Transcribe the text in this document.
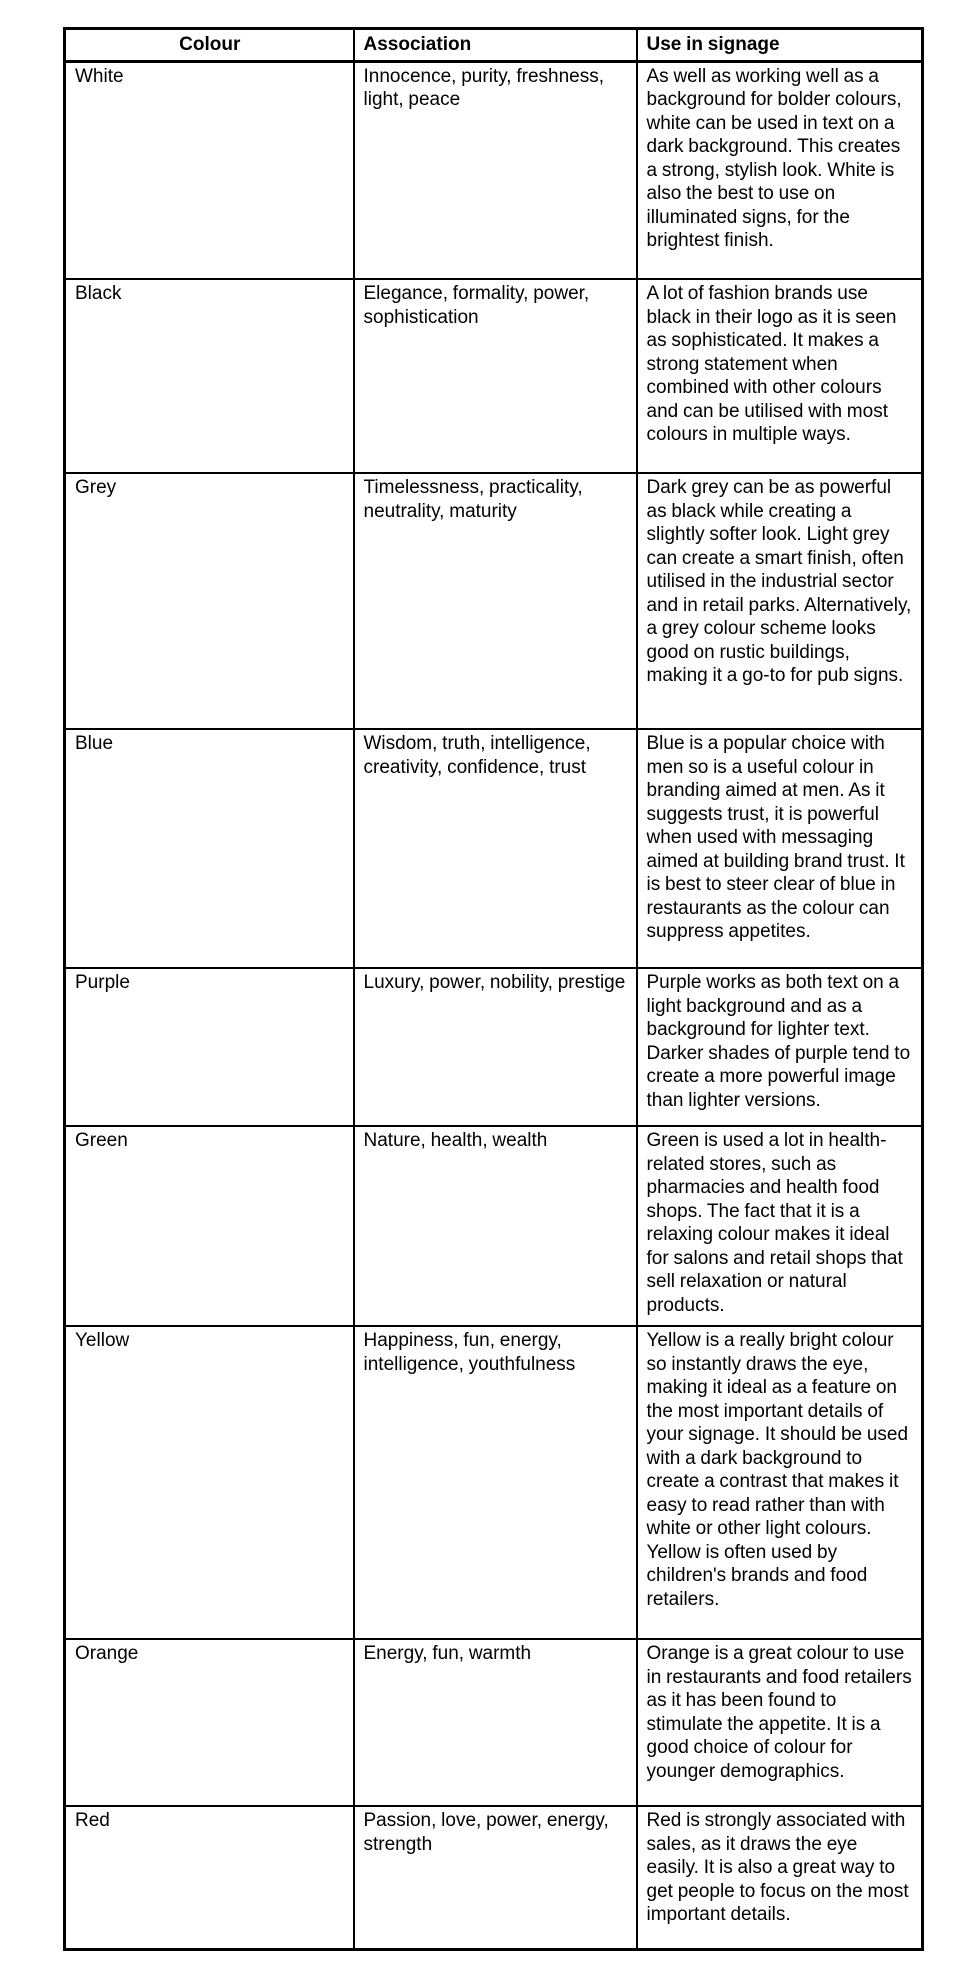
Colour	Association	Use in signage
White	Innocence, purity, freshness, light, peace	As well as working well as a background for bolder colours, white can be used in text on a dark background. This creates a strong, stylish look. White is also the best to use on illuminated signs, for the brightest finish.
Black	Elegance, formality, power, sophistication	A lot of fashion brands use black in their logo as it is seen as sophisticated. It makes a strong statement when combined with other colours and can be utilised with most colours in multiple ways.
Grey	Timelessness, practicality, neutrality, maturity	Dark grey can be as powerful as black while creating a slightly softer look. Light grey can create a smart finish, often utilised in the industrial sector and in retail parks. Alternatively, a grey colour scheme looks good on rustic buildings, making it a go-to for pub signs.
Blue	Wisdom, truth, intelligence, creativity, confidence, trust	Blue is a popular choice with men so is a useful colour in branding aimed at men. As it suggests trust, it is powerful when used with messaging aimed at building brand trust. It is best to steer clear of blue in restaurants as the colour can suppress appetites.
Purple	Luxury, power, nobility, prestige	Purple works as both text on a light background and as a background for lighter text. Darker shades of purple tend to create a more powerful image than lighter versions.
Green	Nature, health, wealth	Green is used a lot in health-related stores, such as pharmacies and health food shops. The fact that it is a relaxing colour makes it ideal for salons and retail shops that sell relaxation or natural products.
Yellow	Happiness, fun, energy, intelligence, youthfulness	Yellow is a really bright colour so instantly draws the eye, making it ideal as a feature on the most important details of your signage. It should be used with a dark background to create a contrast that makes it easy to read rather than with white or other light colours. Yellow is often used by children's brands and food retailers.
Orange	Energy, fun, warmth	Orange is a great colour to use in restaurants and food retailers as it has been found to stimulate the appetite. It is a good choice of colour for younger demographics.
Red	Passion, love, power, energy, strength	Red is strongly associated with sales, as it draws the eye easily. It is also a great way to get people to focus on the most important details.
